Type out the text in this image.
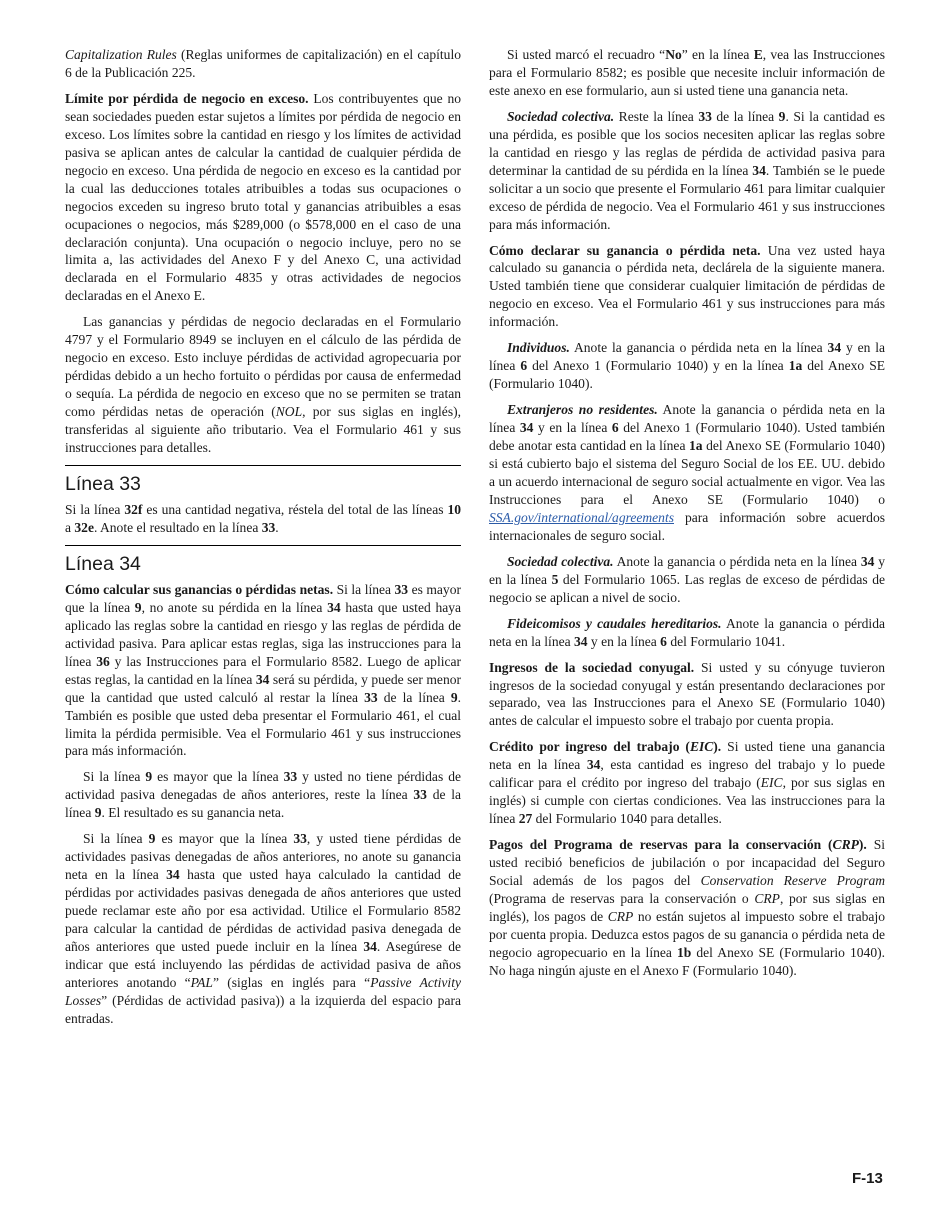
Capitalization Rules (Reglas uniformes de capitalización) en el capítulo 6 de la Publicación 225.

Límite por pérdida de negocio en exceso. Los contribuyentes que no sean sociedades pueden estar sujetos a límites por pérdida de negocio en exceso. Los límites sobre la cantidad en riesgo y los límites de actividad pasiva se aplican antes de calcular la cantidad de cualquier pérdida de negocio en exceso. Una pérdida de negocio en exceso es la cantidad por la cual las deducciones totales atribuibles a todas sus ocupaciones o negocios exceden su ingreso bruto total y ganancias atribuibles a esas ocupaciones o negocios, más $289,000 (o $578,000 en el caso de una declaración conjunta). Una ocupación o negocio incluye, pero no se limita a, las actividades del Anexo F y del Anexo C, una actividad declarada en el Formulario 4835 y otras actividades de negocios declaradas en el Anexo E.

Las ganancias y pérdidas de negocio declaradas en el Formulario 4797 y el Formulario 8949 se incluyen en el cálculo de las pérdida de negocio en exceso. Esto incluye pérdidas de actividad agropecuaria por pérdidas debido a un hecho fortuito o pérdidas por causa de enfermedad o sequía. La pérdida de negocio en exceso que no se permiten se tratan como pérdidas netas de operación (NOL, por sus siglas en inglés), transferidas al siguiente año tributario. Vea el Formulario 461 y sus instrucciones para detalles.

Línea 33

Si la línea 32f es una cantidad negativa, réstela del total de las líneas 10 a 32e. Anote el resultado en la línea 33.

Línea 34

Cómo calcular sus ganancias o pérdidas netas. Si la línea 33 es mayor que la línea 9, no anote su pérdida en la línea 34 hasta que usted haya aplicado las reglas sobre la cantidad en riesgo y las reglas de pérdida de actividad pasiva. Para aplicar estas reglas, siga las instrucciones para la línea 36 y las Instrucciones para el Formulario 8582. Luego de aplicar estas reglas, la cantidad en la línea 34 será su pérdida, y puede ser menor que la cantidad que usted calculó al restar la línea 33 de la línea 9. También es posible que usted deba presentar el Formulario 461, el cual limita la pérdida permisible. Vea el Formulario 461 y sus instrucciones para más información.

Si la línea 9 es mayor que la línea 33 y usted no tiene pérdidas de actividad pasiva denegadas de años anteriores, reste la línea 33 de la línea 9. El resultado es su ganancia neta.

Si la línea 9 es mayor que la línea 33, y usted tiene pérdidas de actividades pasivas denegadas de años anteriores, no anote su ganancia neta en la línea 34 hasta que usted haya calculado la cantidad de pérdidas por actividades pasivas denegada de años anteriores que usted puede reclamar este año por esa actividad. Utilice el Formulario 8582 para calcular la cantidad de pérdidas de actividad pasiva denegada de años anteriores que usted puede incluir en la línea 34. Asegúrese de indicar que está incluyendo las pérdidas de actividad pasiva de años anteriores anotando “PAL” (siglas en inglés para “Passive Activity Losses” (Pérdidas de actividad pasiva)) a la izquierda del espacio para entradas.

Si usted marcó el recuadro “No” en la línea E, vea las Instrucciones para el Formulario 8582; es posible que necesite incluir información de este anexo en ese formulario, aun si usted tiene una ganancia neta.

Sociedad colectiva. Reste la línea 33 de la línea 9. Si la cantidad es una pérdida, es posible que los socios necesiten aplicar las reglas sobre la cantidad en riesgo y las reglas de pérdida de actividad pasiva para determinar la cantidad de su pérdida en la línea 34. También se le puede solicitar a un socio que presente el Formulario 461 para limitar cualquier exceso de pérdida de negocio. Vea el Formulario 461 y sus instrucciones para más información.

Cómo declarar su ganancia o pérdida neta. Una vez usted haya calculado su ganancia o pérdida neta, declárela de la siguiente manera. Usted también tiene que considerar cualquier limitación de pérdidas de negocio en exceso. Vea el Formulario 461 y sus instrucciones para más información.

Individuos. Anote la ganancia o pérdida neta en la línea 34 y en la línea 6 del Anexo 1 (Formulario 1040) y en la línea 1a del Anexo SE (Formulario 1040).

Extranjeros no residentes. Anote la ganancia o pérdida neta en la línea 34 y en la línea 6 del Anexo 1 (Formulario 1040). Usted también debe anotar esta cantidad en la línea 1a del Anexo SE (Formulario 1040) si está cubierto bajo el sistema del Seguro Social de los EE. UU. debido a un acuerdo internacional de seguro social actualmente en vigor. Vea las Instrucciones para el Anexo SE (Formulario 1040) o SSA.gov/international/agreements para información sobre acuerdos internacionales de seguro social.

Sociedad colectiva. Anote la ganancia o pérdida neta en la línea 34 y en la línea 5 del Formulario 1065. Las reglas de exceso de pérdidas de negocio se aplican a nivel de socio.

Fideicomisos y caudales hereditarios. Anote la ganancia o pérdida neta en la línea 34 y en la línea 6 del Formulario 1041.

Ingresos de la sociedad conyugal. Si usted y su cónyuge tuvieron ingresos de la sociedad conyugal y están presentando declaraciones por separado, vea las Instrucciones para el Anexo SE (Formulario 1040) antes de calcular el impuesto sobre el trabajo por cuenta propia.

Crédito por ingreso del trabajo (EIC). Si usted tiene una ganancia neta en la línea 34, esta cantidad es ingreso del trabajo y lo puede calificar para el crédito por ingreso del trabajo (EIC, por sus siglas en inglés) si cumple con ciertas condiciones. Vea las instrucciones para la línea 27 del Formulario 1040 para detalles.

Pagos del Programa de reservas para la conservación (CRP). Si usted recibió beneficios de jubilación o por incapacidad del Seguro Social además de los pagos del Conservation Reserve Program (Programa de reservas para la conservación o CRP, por sus siglas en inglés), los pagos de CRP no están sujetos al impuesto sobre el trabajo por cuenta propia. Deduzca estos pagos de su ganancia o pérdida neta de negocio agropecuario en la línea 1b del Anexo SE (Formulario 1040). No haga ningún ajuste en el Anexo F (Formulario 1040).

F-13
